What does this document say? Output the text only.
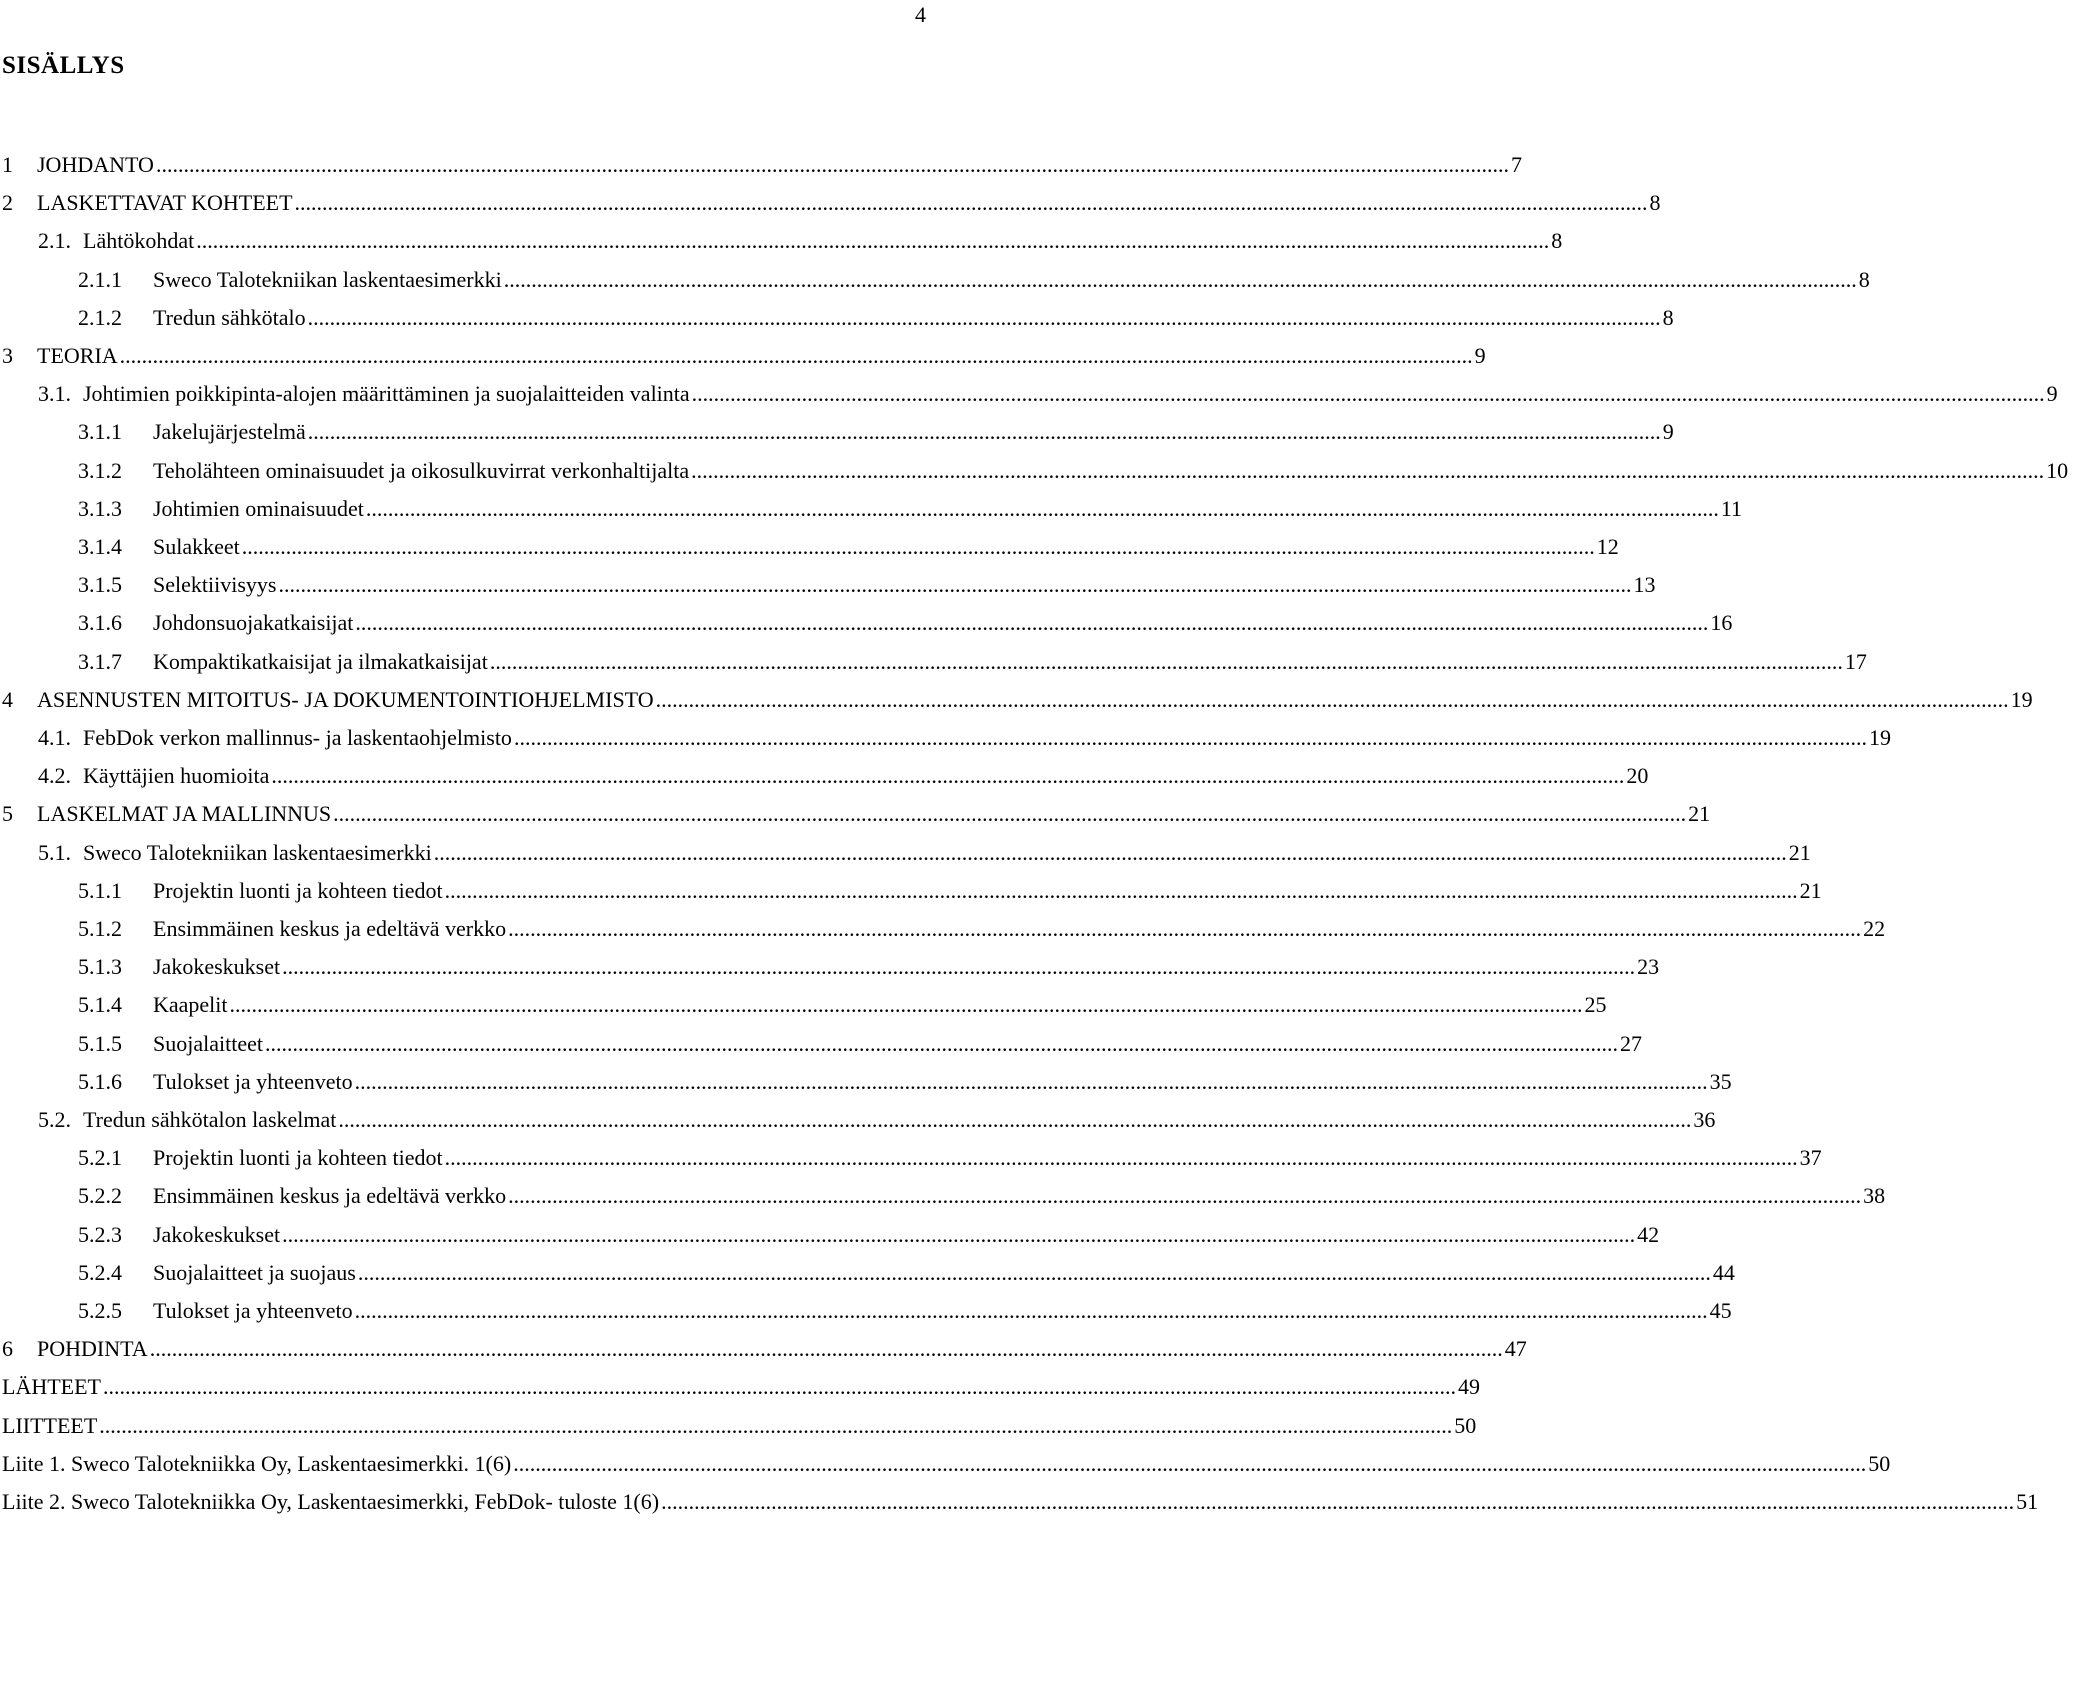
4
SISÄLLYS
1	JOHDANTO .....	7
2	LASKETTAVAT KOHTEET .....	8
2.1. Lähtökohdat .....	8
2.1.1	Sweco Talotekniikan laskentaesimerkki .....	8
2.1.2	Tredun sähkötalo .....	8
3	TEORIA .....	9
3.1. Johtimien poikkipinta-alojen määrittäminen ja suojalaitteiden valinta .....	9
3.1.1	Jakelujärjestelmä .....	9
3.1.2	Teholähteen ominaisuudet ja oikosulkuvirrat verkonhaltijalta .....	10
3.1.3	Johtimien ominaisuudet .....	11
3.1.4	Sulakkeet .....	12
3.1.5	Selektiivisyys .....	13
3.1.6	Johdonsuojakatkaisijat .....	16
3.1.7	Kompaktikatkaisijat ja ilmakatkaisijat .....	17
4	ASENNUSTEN MITOITUS- JA DOKUMENTOINTIOHJELMISTO .....	19
4.1. FebDok verkon mallinnus- ja laskentaohjelmisto .....	19
4.2. Käyttäjien huomioita .....	20
5	LASKELMAT JA MALLINNUS .....	21
5.1. Sweco Talotekniikan laskentaesimerkki .....	21
5.1.1	Projektin luonti ja kohteen tiedot .....	21
5.1.2	Ensimmäinen keskus ja edeltävä verkko .....	22
5.1.3	Jakokeskukset .....	23
5.1.4	Kaapelit .....	25
5.1.5	Suojalaitteet .....	27
5.1.6	Tulokset ja yhteenveto .....	35
5.2. Tredun sähkötalon laskelmat .....	36
5.2.1	Projektin luonti ja kohteen tiedot .....	37
5.2.2	Ensimmäinen keskus ja edeltävä verkko .....	38
5.2.3	Jakokeskukset .....	42
5.2.4	Suojalaitteet ja suojaus .....	44
5.2.5	Tulokset ja yhteenveto .....	45
6	POHDINTA .....	47
LÄHTEET .....	49
LIITTEET .....	50
Liite 1. Sweco Talotekniikka Oy, Laskentaesimerkki. 1(6) .....	50
Liite 2. Sweco Talotekniikka Oy, Laskentaesimerkki, FebDok- tuloste 1(6) .....	51
